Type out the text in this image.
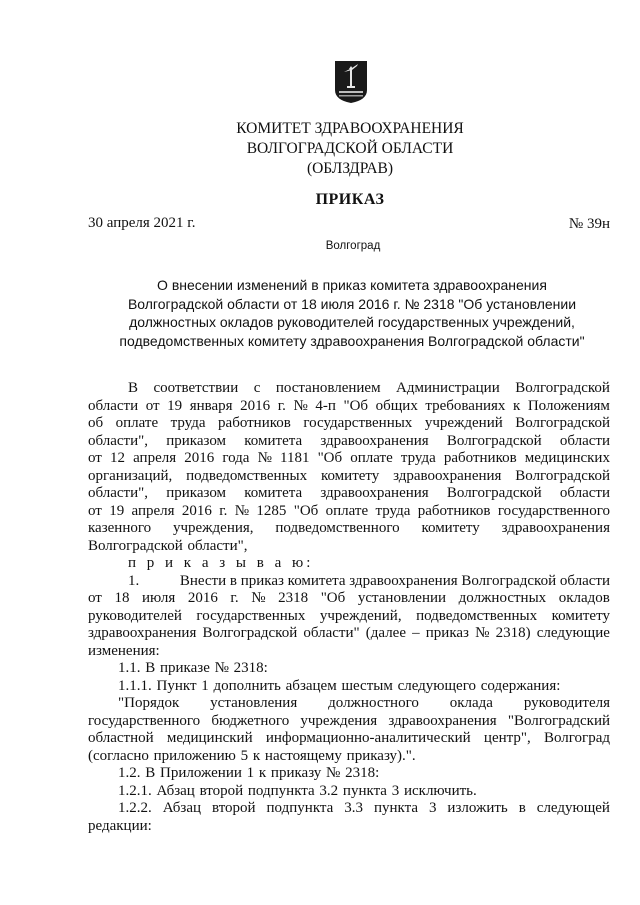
КОМИТЕТ ЗДРАВООХРАНЕНИЯ
ВОЛГОГРАДСКОЙ ОБЛАСТИ
(ОБЛЗДРАВ)
ПРИКАЗ
30 апреля 2021 г.	№ 39н
Волгоград
О внесении изменений в приказ комитета здравоохранения
Волгоградской области от 18 июля 2016 г. № 2318 "Об установлении
должностных окладов руководителей государственных учреждений,
подведомственных комитету здравоохранения Волгоградской области"
В соответствии с постановлением Администрации Волгоградской
области от 19 января 2016 г. № 4-п "Об общих требованиях к Положениям
об оплате труда работников государственных учреждений Волгоградской
области", приказом комитета здравоохранения Волгоградской области
от 12 апреля 2016 года № 1181 "Об оплате труда работников медицинских
организаций, подведомственных комитету здравоохранения Волгоградской
области", приказом комитета здравоохранения Волгоградской области
от 19 апреля 2016 г. № 1285 "Об оплате труда работников государственного
казенного учреждения, подведомственного комитету здравоохранения
Волгоградской области",
п р и к а з ы в а ю:
1.	Внести в приказ комитета здравоохранения Волгоградской области
от 18 июля 2016 г. № 2318 "Об установлении должностных окладов
руководителей государственных учреждений, подведомственных комитету
здравоохранения Волгоградской области" (далее – приказ № 2318) следующие
изменения:
1.1. В приказе № 2318:
1.1.1. Пункт 1 дополнить абзацем шестым следующего содержания:
"Порядок установления должностного оклада руководителя
государственного бюджетного учреждения здравоохранения "Волгоградский
областной медицинский информационно-аналитический центр", Волгоград
(согласно приложению 5 к настоящему приказу).".
1.2. В Приложении 1 к приказу № 2318:
1.2.1. Абзац второй подпункта 3.2 пункта 3 исключить.
1.2.2. Абзац второй подпункта 3.3 пункта 3 изложить в следующей
редакции:
